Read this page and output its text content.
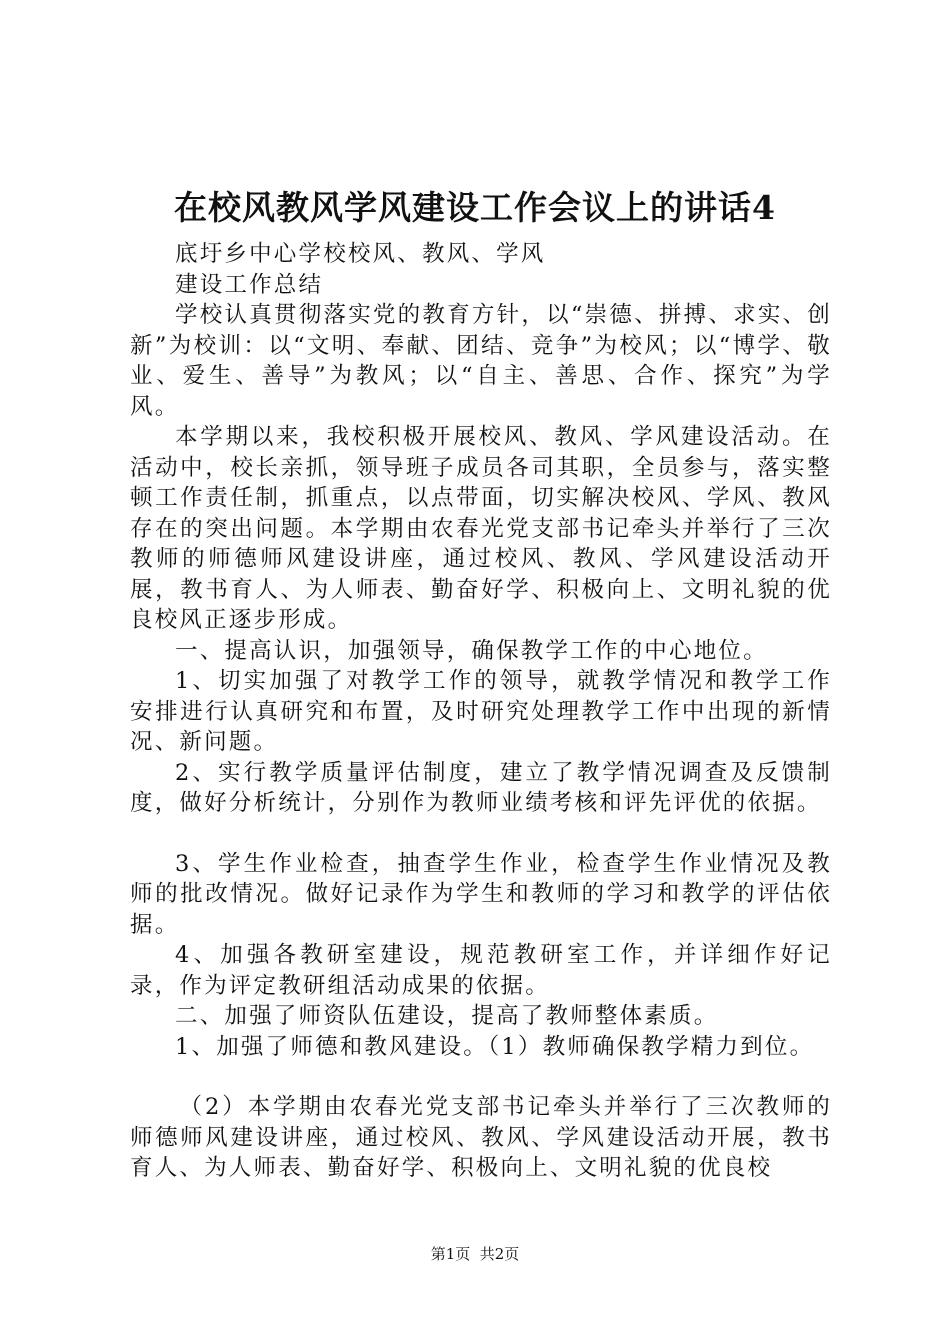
在校风教风学风建设工作会议上的讲话4

底圩乡中心学校校风、教风、学风

建设工作总结

学校认真贯彻落实党的教育方针，以“崇德、拼搏、求实、创新”为校训：以“文明、奉献、团结、竞争”为校风；以“博学、敬业、爱生、善导”为教风；以“自主、善思、合作、探究”为学风。

本学期以来，我校积极开展校风、教风、学风建设活动。在活动中，校长亲抓，领导班子成员各司其职，全员参与，落实整顿工作责任制，抓重点，以点带面，切实解决校风、学风、教风存在的突出问题。本学期由农春光党支部书记牵头并举行了三次教师的师德师风建设讲座，通过校风、教风、学风建设活动开展，教书育人、为人师表、勤奋好学、积极向上、文明礼貌的优良校风正逐步形成。

一、提高认识，加强领导，确保教学工作的中心地位。

1、切实加强了对教学工作的领导，就教学情况和教学工作安排进行认真研究和布置，及时研究处理教学工作中出现的新情况、新问题。

2、实行教学质量评估制度，建立了教学情况调查及反馈制度，做好分析统计，分别作为教师业绩考核和评先评优的依据。

3、学生作业检查，抽查学生作业，检查学生作业情况及教师的批改情况。做好记录作为学生和教师的学习和教学的评估依据。

4、加强各教研室建设，规范教研室工作，并详细作好记录，作为评定教研组活动成果的依据。

二、加强了师资队伍建设，提高了教师整体素质。

1、加强了师德和教风建设。（1）教师确保教学精力到位。

（2）本学期由农春光党支部书记牵头并举行了三次教师的师德师风建设讲座，通过校风、教风、学风建设活动开展，教书育人、为人师表、勤奋好学、积极向上、文明礼貌的优良校

第1页  共2页
